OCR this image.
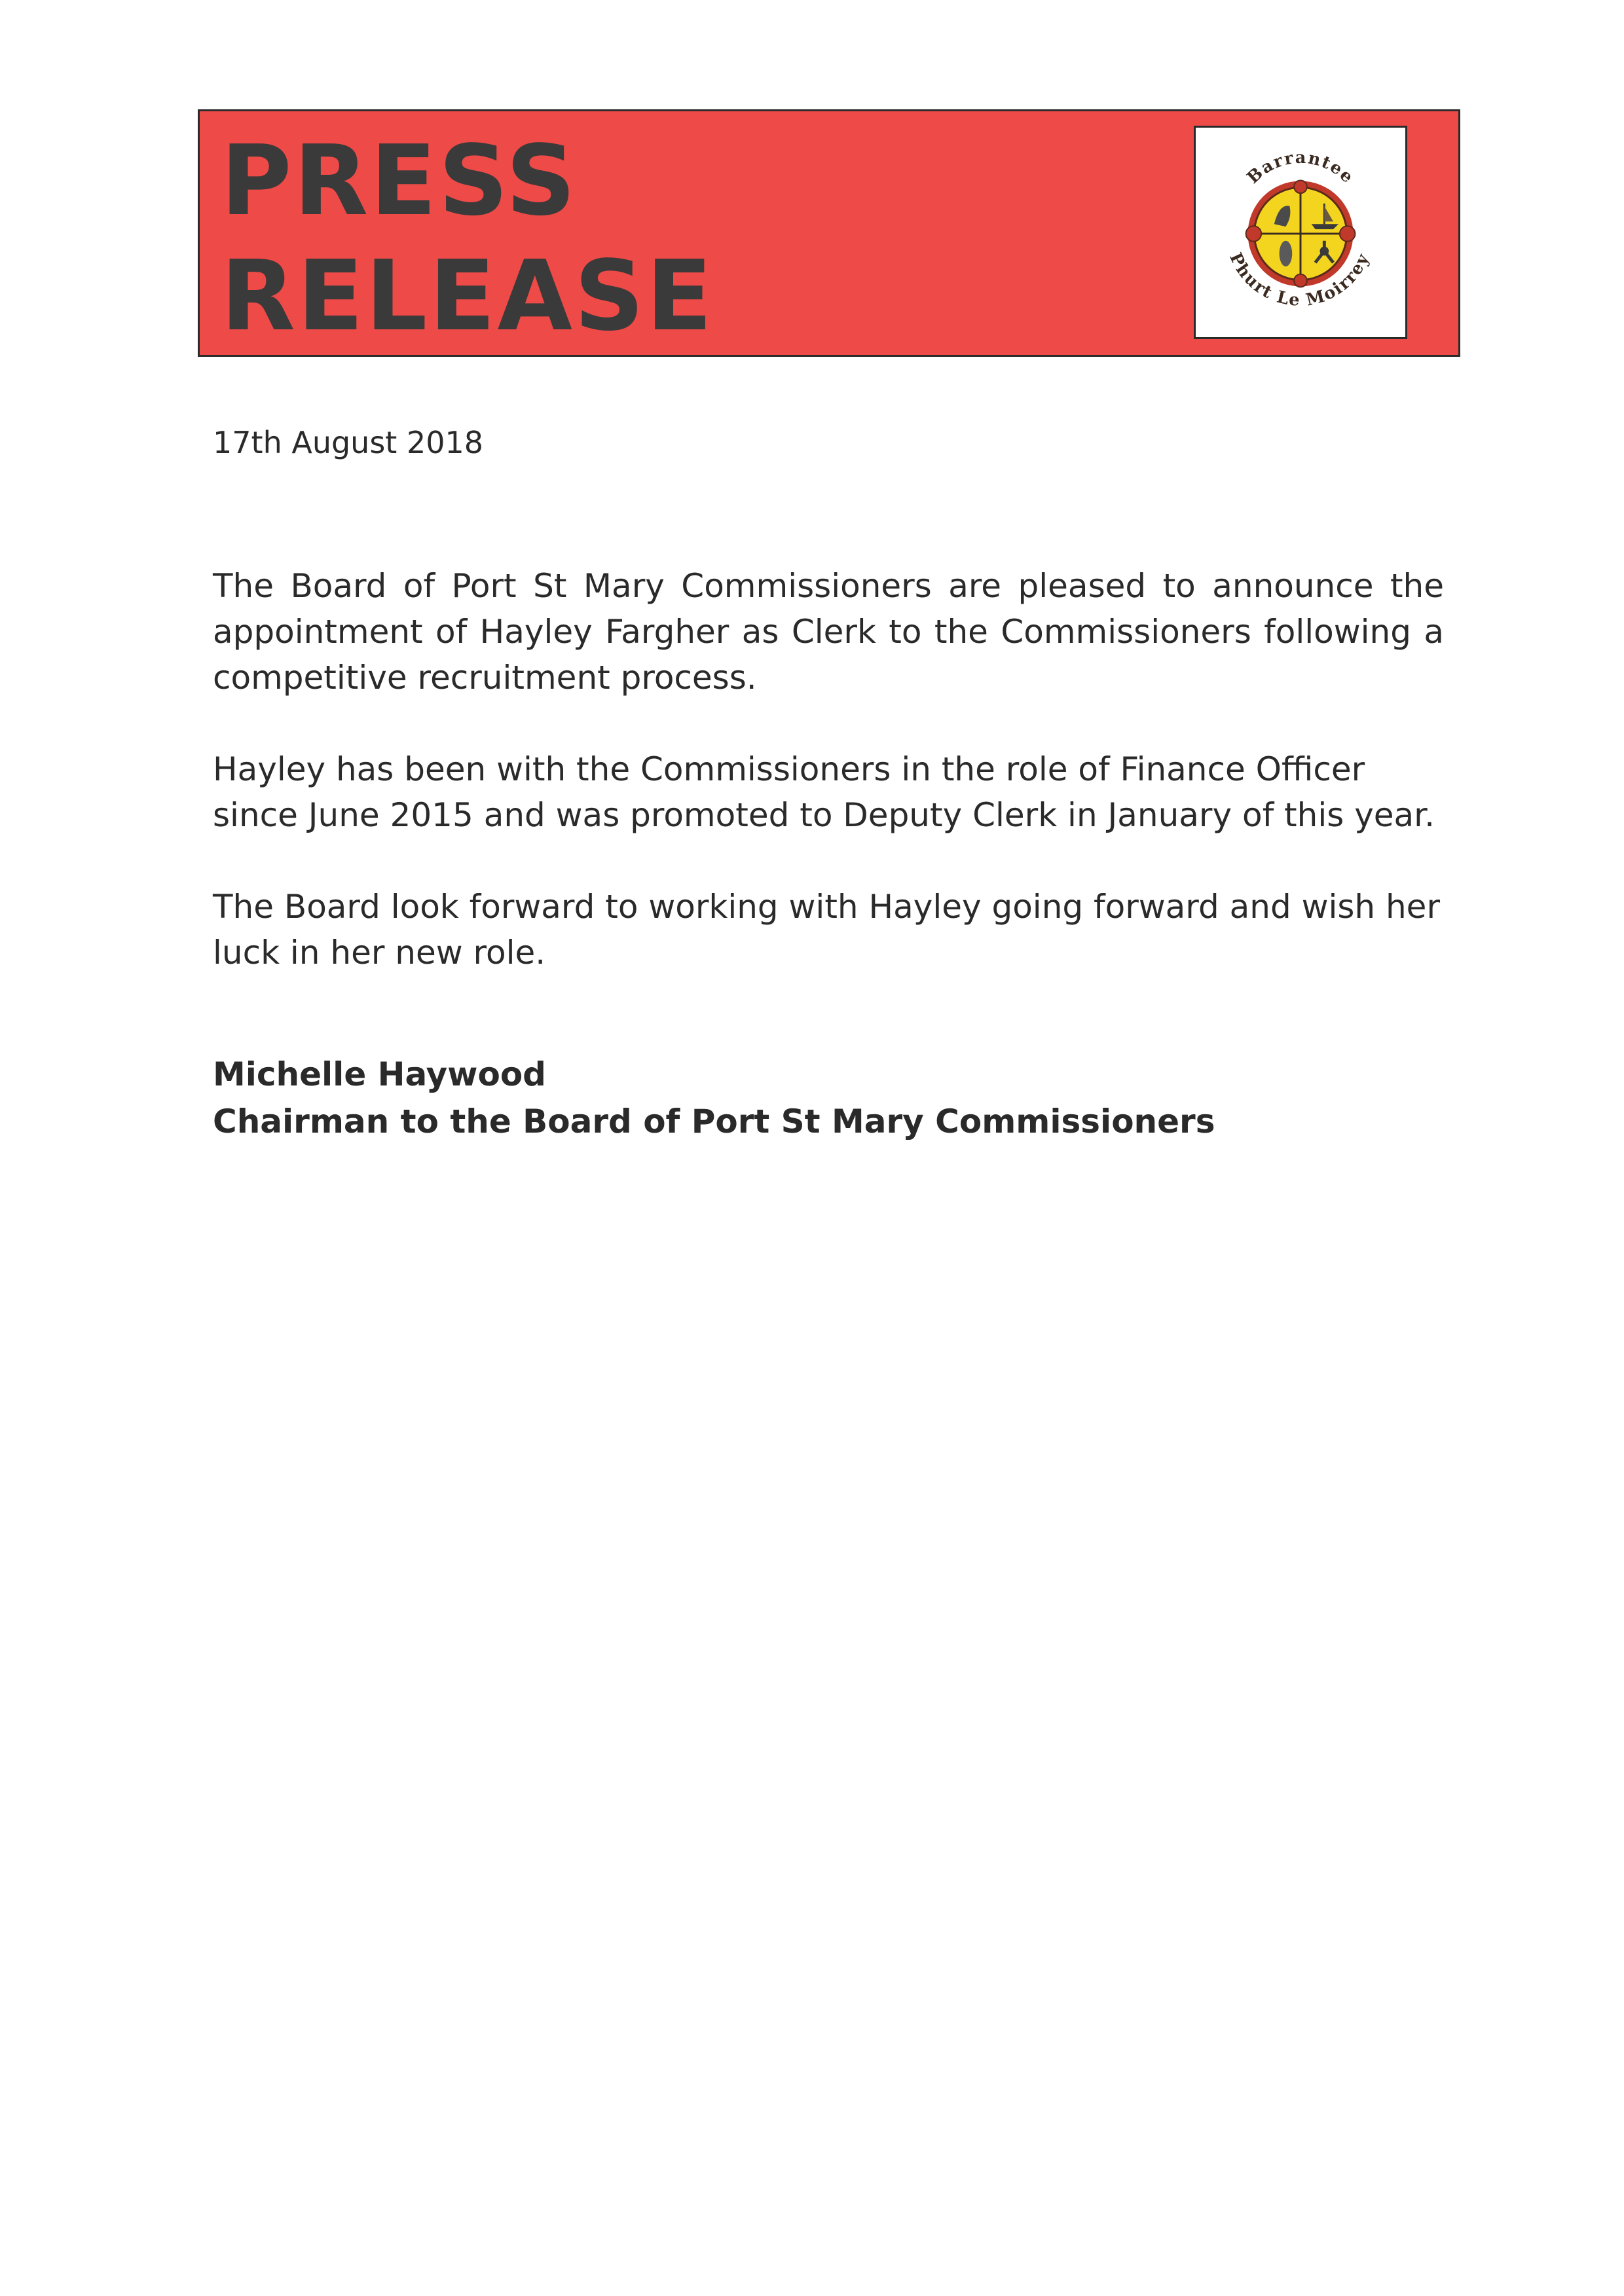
PRESS
RELEASE
Barrantee
Phurt Le Moirrey
17th August 2018

The Board of Port St Mary Commissioners are pleased to announce the appointment of Hayley Fargher as Clerk to the Commissioners following a competitive recruitment process.

Hayley has been with the Commissioners in the role of Finance Officer since June 2015 and was promoted to Deputy Clerk in January of this year.

The Board look forward to working with Hayley going forward and wish her luck in her new role.

Michelle Haywood
Chairman to the Board of Port St Mary Commissioners
